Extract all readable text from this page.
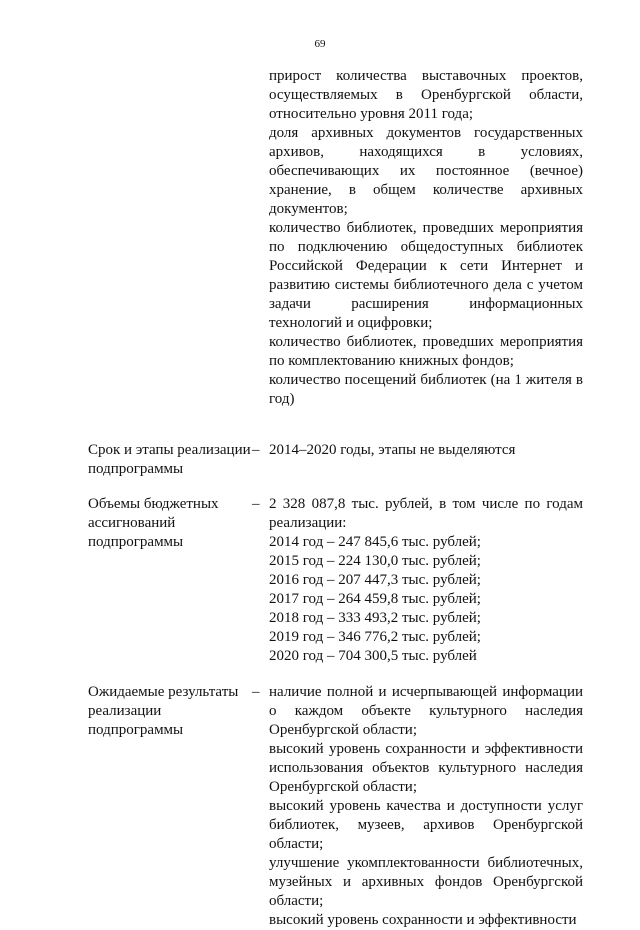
69
прирост количества выставочных проектов, осуществляемых в Оренбургской области, относительно уровня 2011 года;
доля архивных документов государственных архивов, находящихся в условиях, обеспечивающих их постоянное (вечное) хранение, в общем количестве архивных документов;
количество библиотек, проведших мероприятия по подключению общедоступных библиотек Российской Федерации к сети Интернет и развитию системы библиотечного дела с учетом задачи расширения информационных технологий и оцифровки;
количество библиотек, проведших мероприятия по комплектованию книжных фондов;
количество посещений библиотек (на 1 жителя в год)
Срок и этапы реализации подпрограммы
– 2014–2020 годы, этапы не выделяются
Объемы бюджетных ассигнований подпрограммы
– 2 328 087,8 тыс. рублей, в том числе по годам реализации:
2014 год – 247 845,6 тыс. рублей;
2015 год – 224 130,0 тыс. рублей;
2016 год – 207 447,3 тыс. рублей;
2017 год – 264 459,8 тыс. рублей;
2018 год – 333 493,2 тыс. рублей;
2019 год – 346 776,2 тыс. рублей;
2020 год – 704 300,5 тыс. рублей
Ожидаемые результаты реализации подпрограммы
– наличие полной и исчерпывающей информации о каждом объекте культурного наследия Оренбургской области;
высокий уровень сохранности и эффективности использования объектов культурного наследия Оренбургской области;
высокий уровень качества и доступности услуг библиотек, музеев, архивов Оренбургской области;
улучшение укомплектованности библиотечных, музейных и архивных фондов Оренбургской области;
высокий уровень сохранности и эффективности
